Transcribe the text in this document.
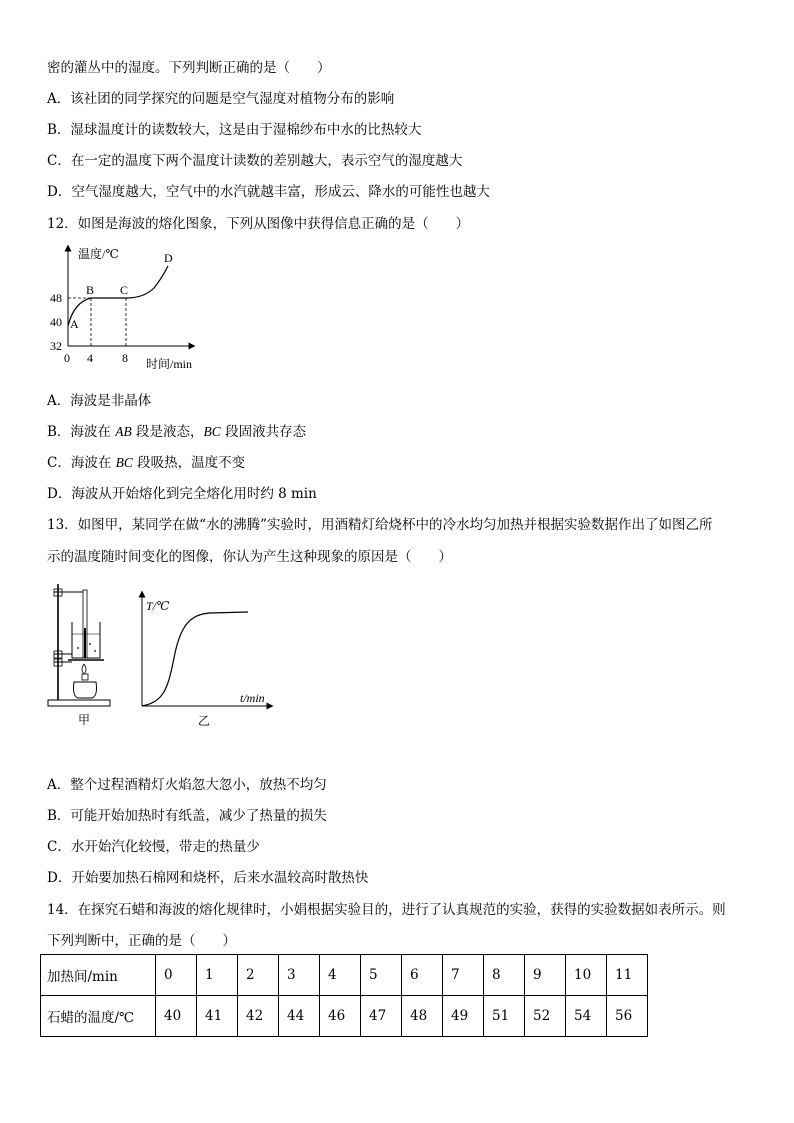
密的灌丛中的湿度。下列判断正确的是（　　）
A．该社团的同学探究的问题是空气湿度对植物分布的影响
B．湿球温度计的读数较大，这是由于湿棉纱布中水的比热较大
C．在一定的温度下两个温度计读数的差别越大，表示空气的湿度越大
D．空气湿度越大，空气中的水汽就越丰富，形成云、降水的可能性也越大
12．如图是海波的熔化图象，下列从图像中获得信息正确的是（　　）
温度/℃
时间/min
48
40
32
0 4 8
A
B C
D
A．海波是非晶体
B．海波在 AB 段是液态，BC 段固液共存态
C．海波在 BC 段吸热，温度不变
D．海波从开始熔化到完全熔化用时约 8 min
13．如图甲，某同学在做“水的沸腾”实验时，用酒精灯给烧杯中的冷水均匀加热并根据实验数据作出了如图乙所
示的温度随时间变化的图像，你认为产生这种现象的原因是（　　）
甲
T/℃
t/min
乙
A．整个过程酒精灯火焰忽大忽小，放热不均匀
B．可能开始加热时有纸盖，减少了热量的损失
C．水开始汽化较慢，带走的热量少
D．开始要加热石棉网和烧杯，后来水温较高时散热快
14．在探究石蜡和海波的熔化规律时，小娟根据实验目的，进行了认真规范的实验，获得的实验数据如表所示。则
下列判断中，正确的是（　　）
加热间/min	0	1	2	3	4	5	6	7	8	9	10	11
石蜡的温度/℃	40	41	42	44	46	47	48	49	51	52	54	56
